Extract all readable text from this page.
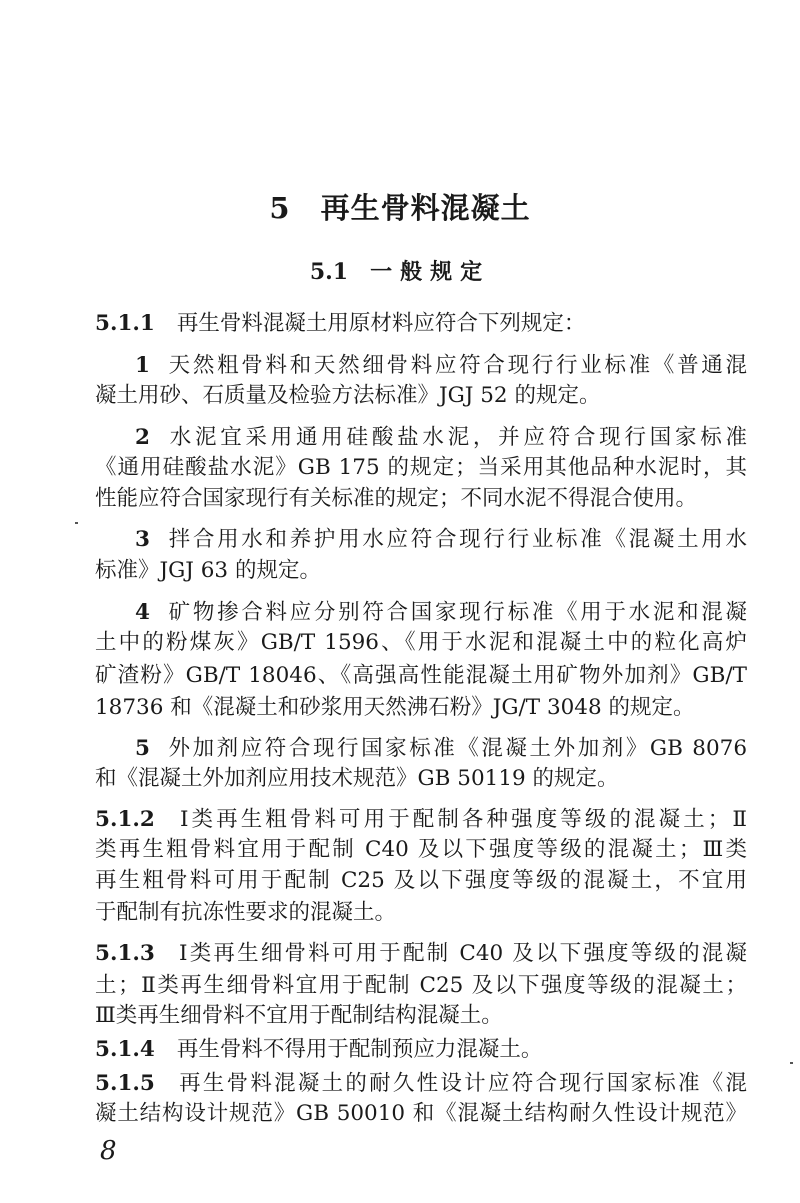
5 再生骨料混凝土
5.1 一般规定
5.1.1 再生骨料混凝土用原材料应符合下列规定：
1 天然粗骨料和天然细骨料应符合现行行业标准《普通混
凝土用砂、石质量及检验方法标准》JGJ 52 的规定。
2 水泥宜采用通用硅酸盐水泥，并应符合现行国家标准
《通用硅酸盐水泥》GB 175 的规定；当采用其他品种水泥时，其
性能应符合国家现行有关标准的规定；不同水泥不得混合使用。
3 拌合用水和养护用水应符合现行行业标准《混凝土用水
标准》JGJ 63 的规定。
4 矿物掺合料应分别符合国家现行标准《用于水泥和混凝
土中的粉煤灰》GB/T 1596、《用于水泥和混凝土中的粒化高炉
矿渣粉》GB/T 18046、《高强高性能混凝土用矿物外加剂》GB/T
18736 和《混凝土和砂浆用天然沸石粉》JG/T 3048 的规定。
5 外加剂应符合现行国家标准《混凝土外加剂》GB 8076
和《混凝土外加剂应用技术规范》GB 50119 的规定。
5.1.2 Ⅰ类再生粗骨料可用于配制各种强度等级的混凝土；Ⅱ
类再生粗骨料宜用于配制 C40 及以下强度等级的混凝土；Ⅲ类
再生粗骨料可用于配制 C25 及以下强度等级的混凝土，不宜用
于配制有抗冻性要求的混凝土。
5.1.3 Ⅰ类再生细骨料可用于配制 C40 及以下强度等级的混凝
土；Ⅱ类再生细骨料宜用于配制 C25 及以下强度等级的混凝土；
Ⅲ类再生细骨料不宜用于配制结构混凝土。
5.1.4 再生骨料不得用于配制预应力混凝土。
5.1.5 再生骨料混凝土的耐久性设计应符合现行国家标准《混
凝土结构设计规范》GB 50010 和《混凝土结构耐久性设计规范》
8
